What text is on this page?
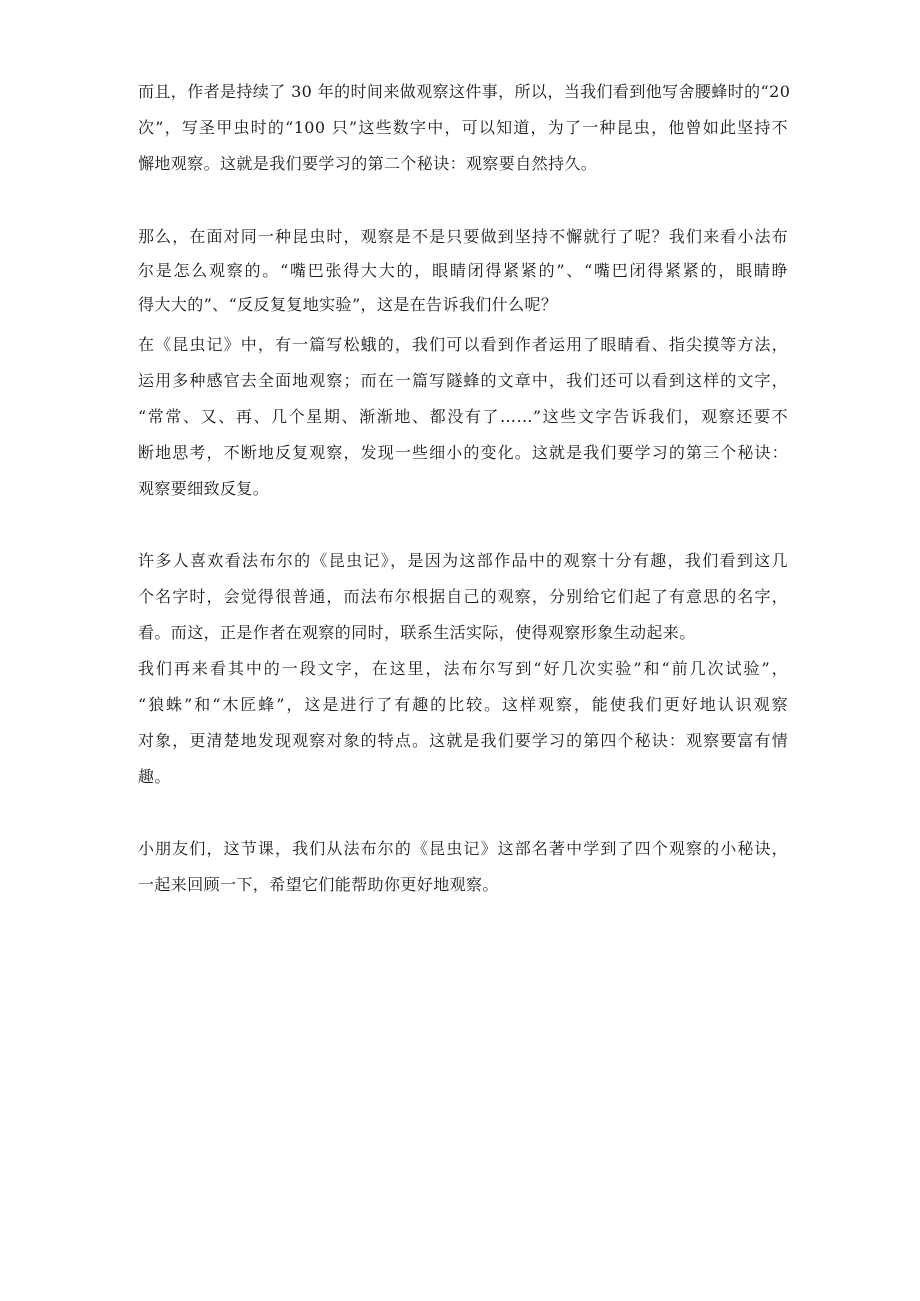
而且，作者是持续了 30 年的时间来做观察这件事，所以，当我们看到他写舍腰蜂时的“20
次”，写圣甲虫时的“100 只”这些数字中，可以知道，为了一种昆虫，他曾如此坚持不
懈地观察。这就是我们要学习的第二个秘诀：观察要自然持久。
那么，在面对同一种昆虫时，观察是不是只要做到坚持不懈就行了呢？我们来看小法布
尔是怎么观察的。“嘴巴张得大大的，眼睛闭得紧紧的”、“嘴巴闭得紧紧的，眼睛睁
得大大的”、“反反复复地实验”，这是在告诉我们什么呢？
在《昆虫记》中，有一篇写松蛾的，我们可以看到作者运用了眼睛看、指尖摸等方法，
运用多种感官去全面地观察；而在一篇写隧蜂的文章中，我们还可以看到这样的文字，
“常常、又、再、几个星期、渐渐地、都没有了……”这些文字告诉我们，观察还要不
断地思考，不断地反复观察，发现一些细小的变化。这就是我们要学习的第三个秘诀：
观察要细致反复。
许多人喜欢看法布尔的《昆虫记》，是因为这部作品中的观察十分有趣，我们看到这几
个名字时，会觉得很普通，而法布尔根据自己的观察，分别给它们起了有意思的名字，
看。而这，正是作者在观察的同时，联系生活实际，使得观察形象生动起来。
我们再来看其中的一段文字，在这里，法布尔写到“好几次实验”和“前几次试验”，
“狼蛛”和“木匠蜂”，这是进行了有趣的比较。这样观察，能使我们更好地认识观察
对象，更清楚地发现观察对象的特点。这就是我们要学习的第四个秘诀：观察要富有情
趣。
小朋友们，这节课，我们从法布尔的《昆虫记》这部名著中学到了四个观察的小秘诀，
一起来回顾一下，希望它们能帮助你更好地观察。
